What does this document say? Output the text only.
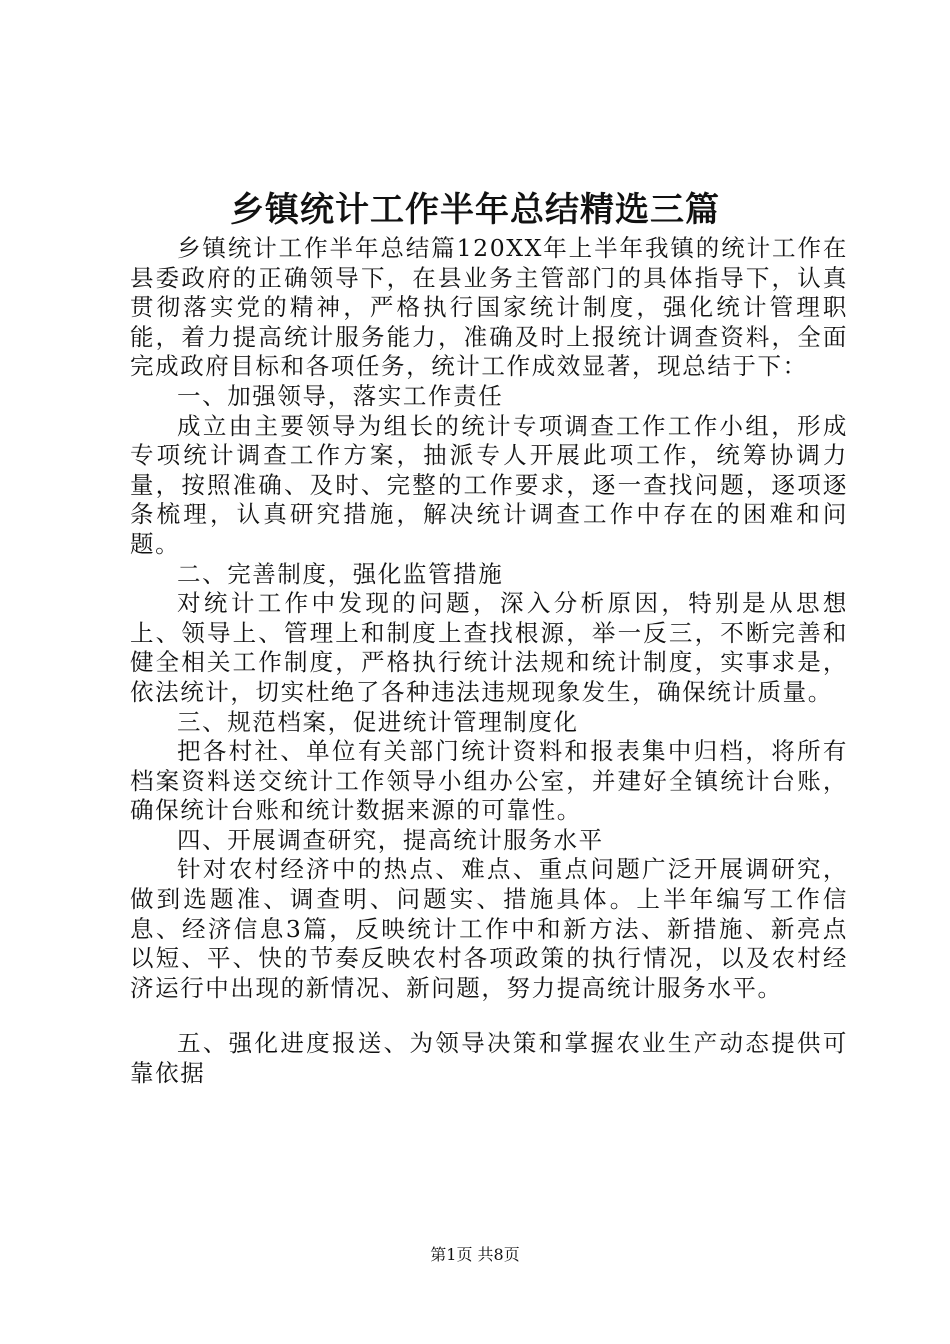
乡镇统计工作半年总结精选三篇

乡镇统计工作半年总结篇120XX年上半年我镇的统计工作在县委政府的正确领导下，在县业务主管部门的具体指导下，认真贯彻落实党的精神，严格执行国家统计制度，强化统计管理职能，着力提高统计服务能力，准确及时上报统计调查资料，全面完成政府目标和各项任务，统计工作成效显著，现总结于下：

一、加强领导，落实工作责任

成立由主要领导为组长的统计专项调查工作工作小组，形成专项统计调查工作方案，抽派专人开展此项工作，统筹协调力量，按照准确、及时、完整的工作要求，逐一查找问题，逐项逐条梳理，认真研究措施，解决统计调查工作中存在的困难和问题。

二、完善制度，强化监管措施

对统计工作中发现的问题，深入分析原因，特别是从思想上、领导上、管理上和制度上查找根源，举一反三，不断完善和健全相关工作制度，严格执行统计法规和统计制度，实事求是，依法统计，切实杜绝了各种违法违规现象发生，确保统计质量。

三、规范档案，促进统计管理制度化

把各村社、单位有关部门统计资料和报表集中归档，将所有档案资料送交统计工作领导小组办公室，并建好全镇统计台账，确保统计台账和统计数据来源的可靠性。

四、开展调查研究，提高统计服务水平

针对农村经济中的热点、难点、重点问题广泛开展调研究，做到选题准、调查明、问题实、措施具体。上半年编写工作信息、经济信息3篇，反映统计工作中和新方法、新措施、新亮点以短、平、快的节奏反映农村各项政策的执行情况，以及农村经济运行中出现的新情况、新问题，努力提高统计服务水平。

五、强化进度报送、为领导决策和掌握农业生产动态提供可靠依据

第1页 共8页
